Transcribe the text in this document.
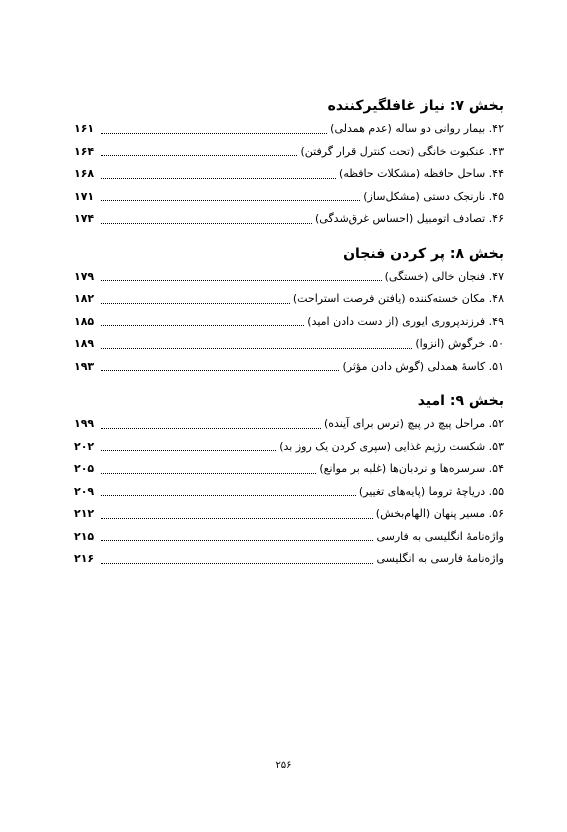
بخش ۷: نیاز غافلگیرکننده
۴۲. بیمار روانی دو ساله (عدم همدلی)
۱۶۱
۴۳. عنکبوت خانگی (تحت کنترل قرار گرفتن)
۱۶۴
۴۴. ساحل حافظه (مشکلات حافظه)
۱۶۸
۴۵. نارنجک دستی (مشکل‌ساز)
۱۷۱
۴۶. تصادف اتومبیل (احساس غرق‌شدگی)
۱۷۴
بخش ۸: پر کردن فنجان
۴۷. فنجان خالی (خستگی)
۱۷۹
۴۸. مکان خسته‌کننده (یافتن فرصت استراحت)
۱۸۲
۴۹. فرزندپروری ایوری (از دست دادن امید)
۱۸۵
۵۰. خرگوش (انزوا)
۱۸۹
۵۱. کاسهٔ همدلی (گوش دادن مؤثر)
۱۹۳
بخش ۹: امید
۵۲. مراحل پیچ در پیچ (ترس برای آینده)
۱۹۹
۵۳. شکست رژیم غذایی (سپری کردن یک روز بد)
۲۰۲
۵۴. سرسره‌ها و نردبان‌ها (غلبه بر موانع)
۲۰۵
۵۵. دریاچهٔ تروما (پایه‌های تغییر)
۲۰۹
۵۶. مسیر پنهان (الهام‌بخش)
۲۱۲
واژه‌نامهٔ انگلیسی به فارسی
۲۱۵
واژه‌نامهٔ فارسی به انگلیسی
۲۱۶
۲۵۶
